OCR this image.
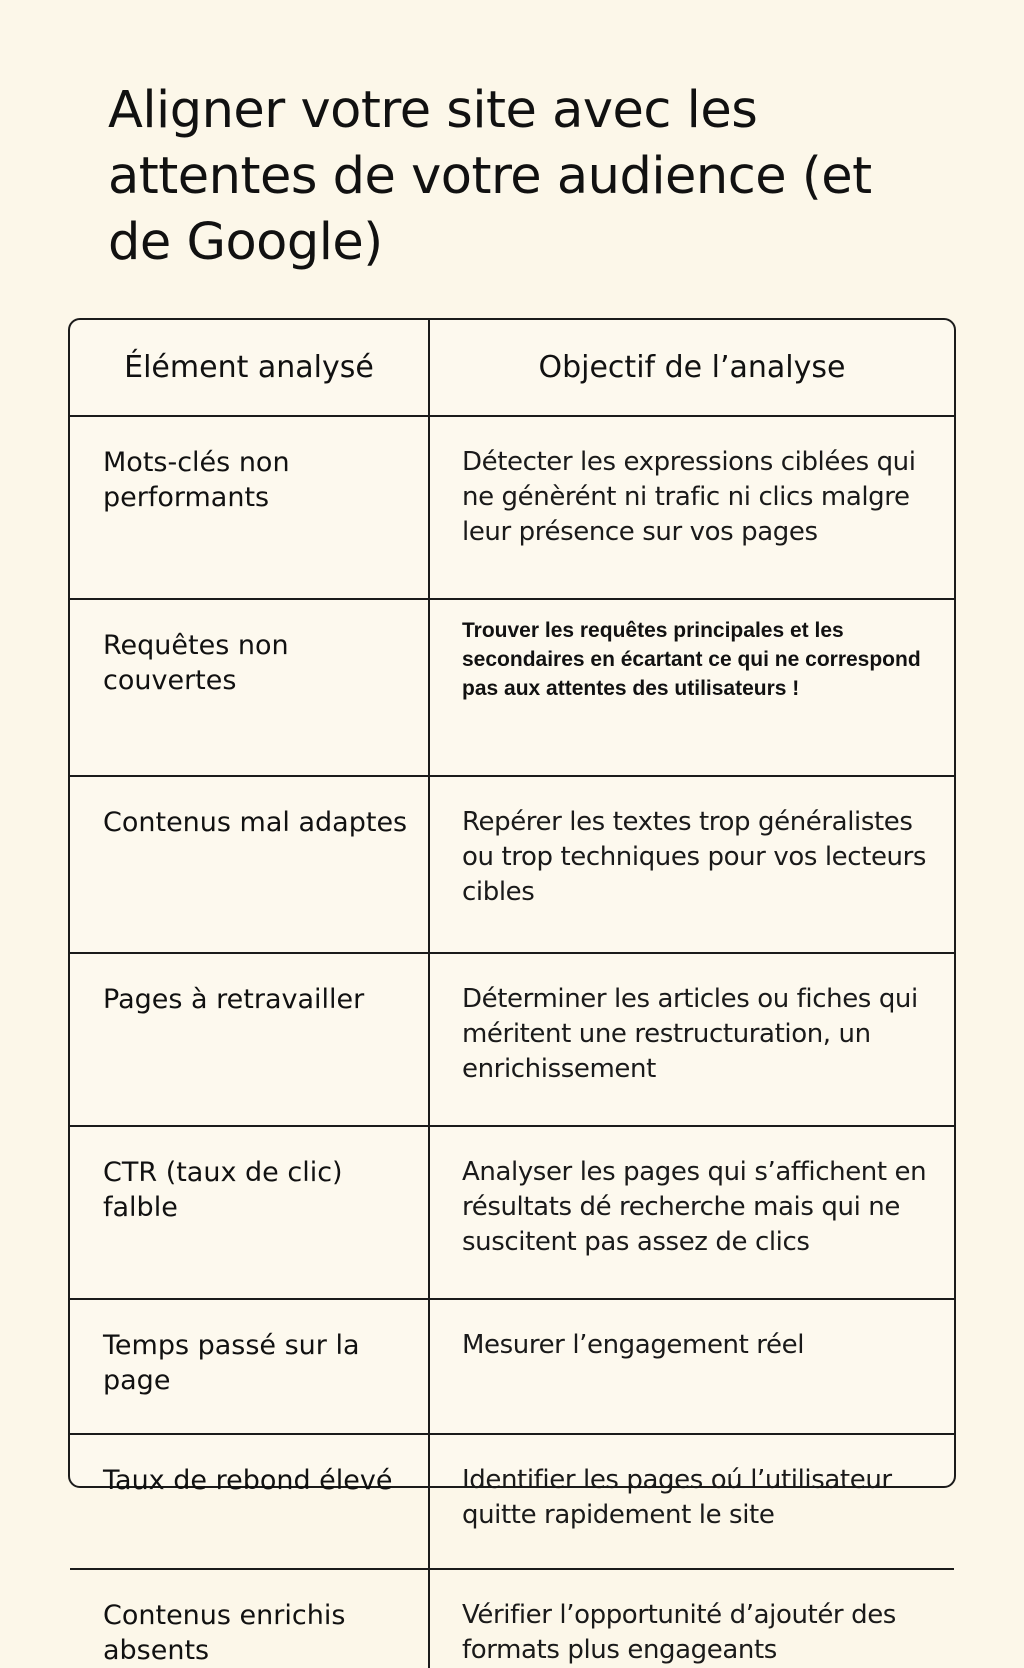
Aligner votre site avec les attentes de votre audience (et de Google)
Élément analysé	Objectif de l’analyse
Mots-clés non performants	Détecter les expressions ciblées qui ne génèrént ni trafic ni clics malgre leur présence sur vos pages
Requêtes non couvertes	Trouver les requêtes principales et les secondaires en écartant ce qui ne correspond pas aux attentes des utilisateurs !
Contenus mal adaptes	Repérer les textes trop généralistes ou trop techniques pour vos lecteurs cibles
Pages à retravailler	Déterminer les articles ou fiches qui méritent une restructuration, un enrichissement
CTR (taux de clic) falble	Analyser les pages qui s’affichent en résultats dé recherche mais qui ne suscitent pas assez de clics
Temps passé sur la page	Mesurer l’engagement réel
Taux de rebond élevé	Identifier les pages oú l’utilisateur quitte rapidement le site
Contenus enrichis absents	Vérifier l’opportunité d’ajoutér des formats plus engageants
